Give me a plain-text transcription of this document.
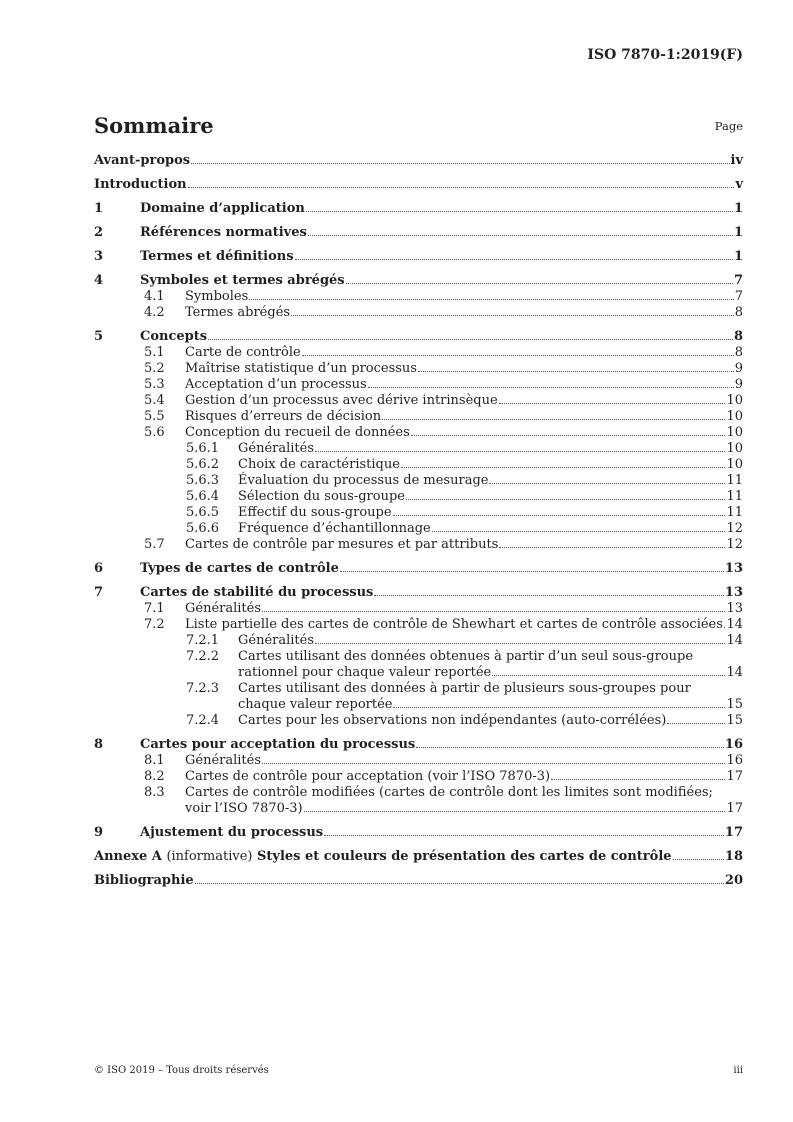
ISO 7870-1:2019(F)
Sommaire	Page
Avant-propos	iv
Introduction	v
1	Domaine d’application	1
2	Références normatives	1
3	Termes et définitions	1
4	Symboles et termes abrégés	7
4.1 Symboles	7
4.2 Termes abrégés	8
5	Concepts	8
5.1 Carte de contrôle	8
5.2 Maîtrise statistique d’un processus	9
5.3 Acceptation d’un processus	9
5.4 Gestion d’un processus avec dérive intrinsèque	10
5.5 Risques d’erreurs de décision	10
5.6 Conception du recueil de données	10
5.6.1 Généralités	10
5.6.2 Choix de caractéristique	10
5.6.3 Évaluation du processus de mesurage	11
5.6.4 Sélection du sous-groupe	11
5.6.5 Effectif du sous-groupe	11
5.6.6 Fréquence d’échantillonnage	12
5.7 Cartes de contrôle par mesures et par attributs	12
6	Types de cartes de contrôle	13
7	Cartes de stabilité du processus	13
7.1 Généralités	13
7.2 Liste partielle des cartes de contrôle de Shewhart et cartes de contrôle associées 14
7.2.1 Généralités	14
7.2.2	Cartes utilisant des données obtenues à partir d’un seul sous-groupe
rationnel pour chaque valeur reportée	14
7.2.3	Cartes utilisant des données à partir de plusieurs sous-groupes pour
chaque valeur reportée	15
7.2.4 Cartes pour les observations non indépendantes (auto-corrélées)	15
8	Cartes pour acceptation du processus	16
8.1 Généralités	16
8.2 Cartes de contrôle pour acceptation (voir l’ISO 7870-3)	17
8.3	Cartes de contrôle modifiées (cartes de contrôle dont les limites sont modifiées;
voir l’ISO 7870-3)	17
9	Ajustement du processus	17
Annexe A (informative) Styles et couleurs de présentation des cartes de contrôle	18
Bibliographie	20
© ISO 2019 – Tous droits réservés	iii
